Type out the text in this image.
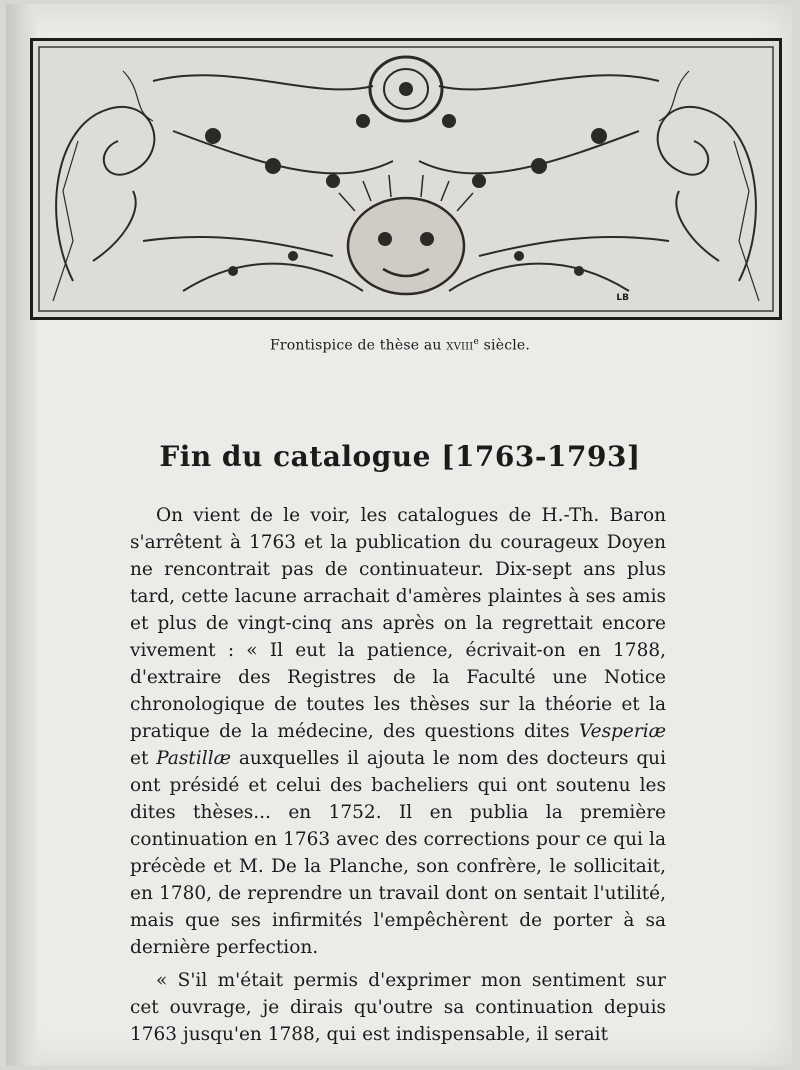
LB
Frontispice de thèse au xviii$^e$ siècle.
Fin du catalogue [1763-1793]

On vient de le voir, les catalogues de H.-Th. Baron s'arrêtent à 1763 et la publication du courageux Doyen ne rencontrait pas de continuateur. Dix-sept ans plus tard, cette lacune arrachait d'amères plaintes à ses amis et plus de vingt-cinq ans après on la regrettait encore vivement : « Il eut la patience, écrivait-on en 1788, d'extraire des Registres de la Faculté une Notice chronologique de toutes les thèses sur la théorie et la pratique de la médecine, des questions dites Vesperiæ et Pastillæ auxquelles il ajouta le nom des docteurs qui ont présidé et celui des bacheliers qui ont soutenu les dites thèses... en 1752. Il en publia la première continuation en 1763 avec des corrections pour ce qui la précède et M. De la Planche, son confrère, le sollicitait, en 1780, de reprendre un travail dont on sentait l'utilité, mais que ses infirmités l'empêchèrent de porter à sa dernière perfection.

« S'il m'était permis d'exprimer mon sentiment sur cet ouvrage, je dirais qu'outre sa continuation depuis 1763 jusqu'en 1788, qui est indispensable, il serait
